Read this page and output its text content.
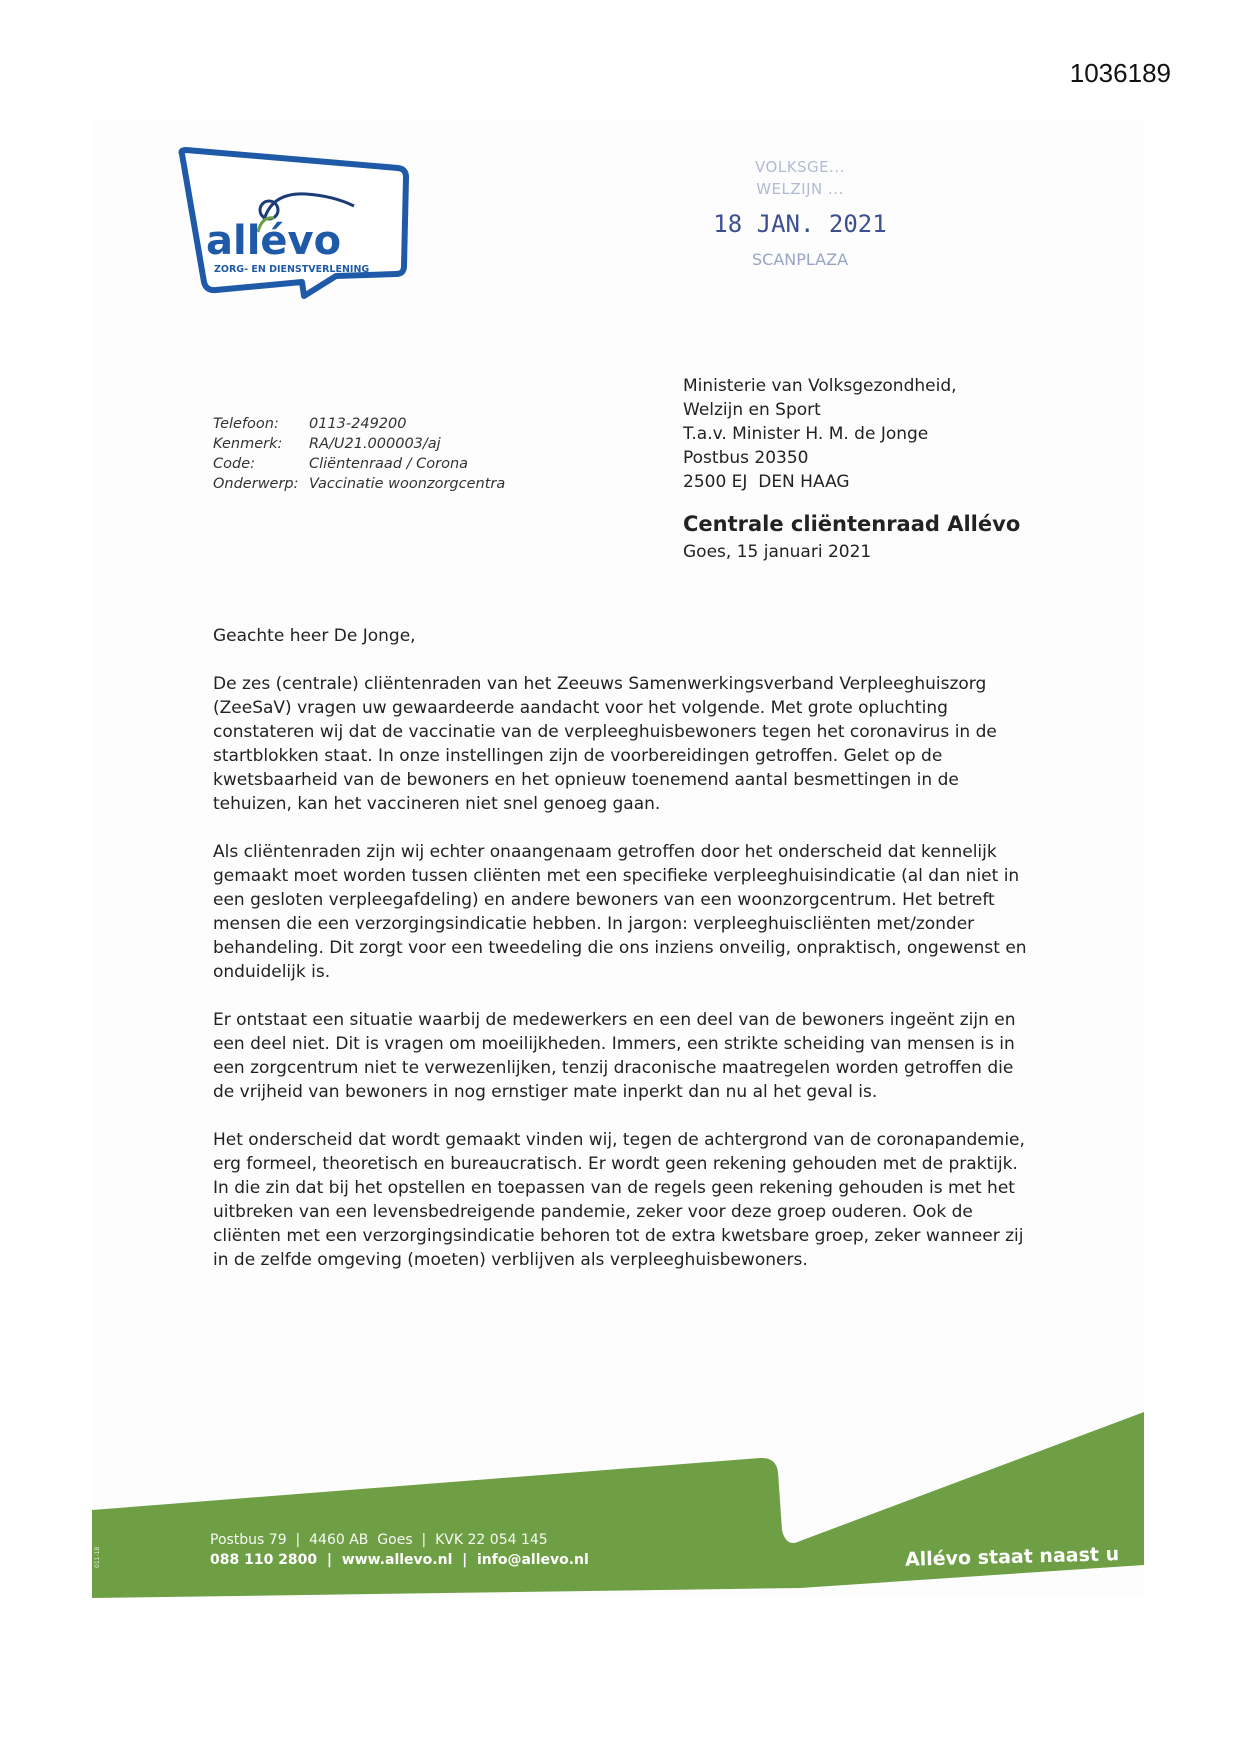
1036189
allévo
ZORG- EN DIENSTVERLENING
VOLKSGE...
WELZIJN ...
18 JAN. 2021
SCANPLAZA
Telefoon:	0113-249200
Kenmerk:	RA/U21.000003/aj
Code:	Cliëntenraad / Corona
Onderwerp: Vaccinatie woonzorgcentra
Ministerie van Volksgezondheid,
Welzijn en Sport
T.a.v. Minister H. M. de Jonge
Postbus 20350
2500 EJ  DEN HAAG
Centrale cliëntenraad Allévo
Goes, 15 januari 2021

Geachte heer De Jonge,

De zes (centrale) cliëntenraden van het Zeeuws Samenwerkingsverband Verpleeghuiszorg (ZeeSaV) vragen uw gewaardeerde aandacht voor het volgende. Met grote opluchting constateren wij dat de vaccinatie van de verpleeghuisbewoners tegen het coronavirus in de startblokken staat. In onze instellingen zijn de voorbereidingen getroffen. Gelet op de kwetsbaarheid van de bewoners en het opnieuw toenemend aantal besmettingen in de tehuizen, kan het vaccineren niet snel genoeg gaan.

Als cliëntenraden zijn wij echter onaangenaam getroffen door het onderscheid dat kennelijk gemaakt moet worden tussen cliënten met een specifieke verpleeghuisindicatie (al dan niet in een gesloten verpleegafdeling) en andere bewoners van een woonzorgcentrum. Het betreft mensen die een verzorgingsindicatie hebben. In jargon: verpleeghuiscliënten met/zonder behandeling. Dit zorgt voor een tweedeling die ons inziens onveilig, onpraktisch, ongewenst en onduidelijk is.

Er ontstaat een situatie waarbij de medewerkers en een deel van de bewoners ingeënt zijn en een deel niet. Dit is vragen om moeilijkheden. Immers, een strikte scheiding van mensen is in een zorgcentrum niet te verwezenlijken, tenzij draconische maatregelen worden getroffen die de vrijheid van bewoners in nog ernstiger mate inperkt dan nu al het geval is.

Het onderscheid dat wordt gemaakt vinden wij, tegen de achtergrond van de coronapandemie, erg formeel, theoretisch en bureaucratisch. Er wordt geen rekening gehouden met de praktijk. In die zin dat bij het opstellen en toepassen van de regels geen rekening gehouden is met het uitbreken van een levensbedreigende pandemie, zeker voor deze groep ouderen. Ook de cliënten met een verzorgingsindicatie behoren tot de extra kwetsbare groep, zeker wanneer zij in de zelfde omgeving (moeten) verblijven als verpleeghuisbewoners.

011-18
Postbus 79  |  4460 AB  Goes  |  KVK 22 054 145
088 110 2800  |  www.allevo.nl  |  info@allevo.nl	Allévo staat naast u
